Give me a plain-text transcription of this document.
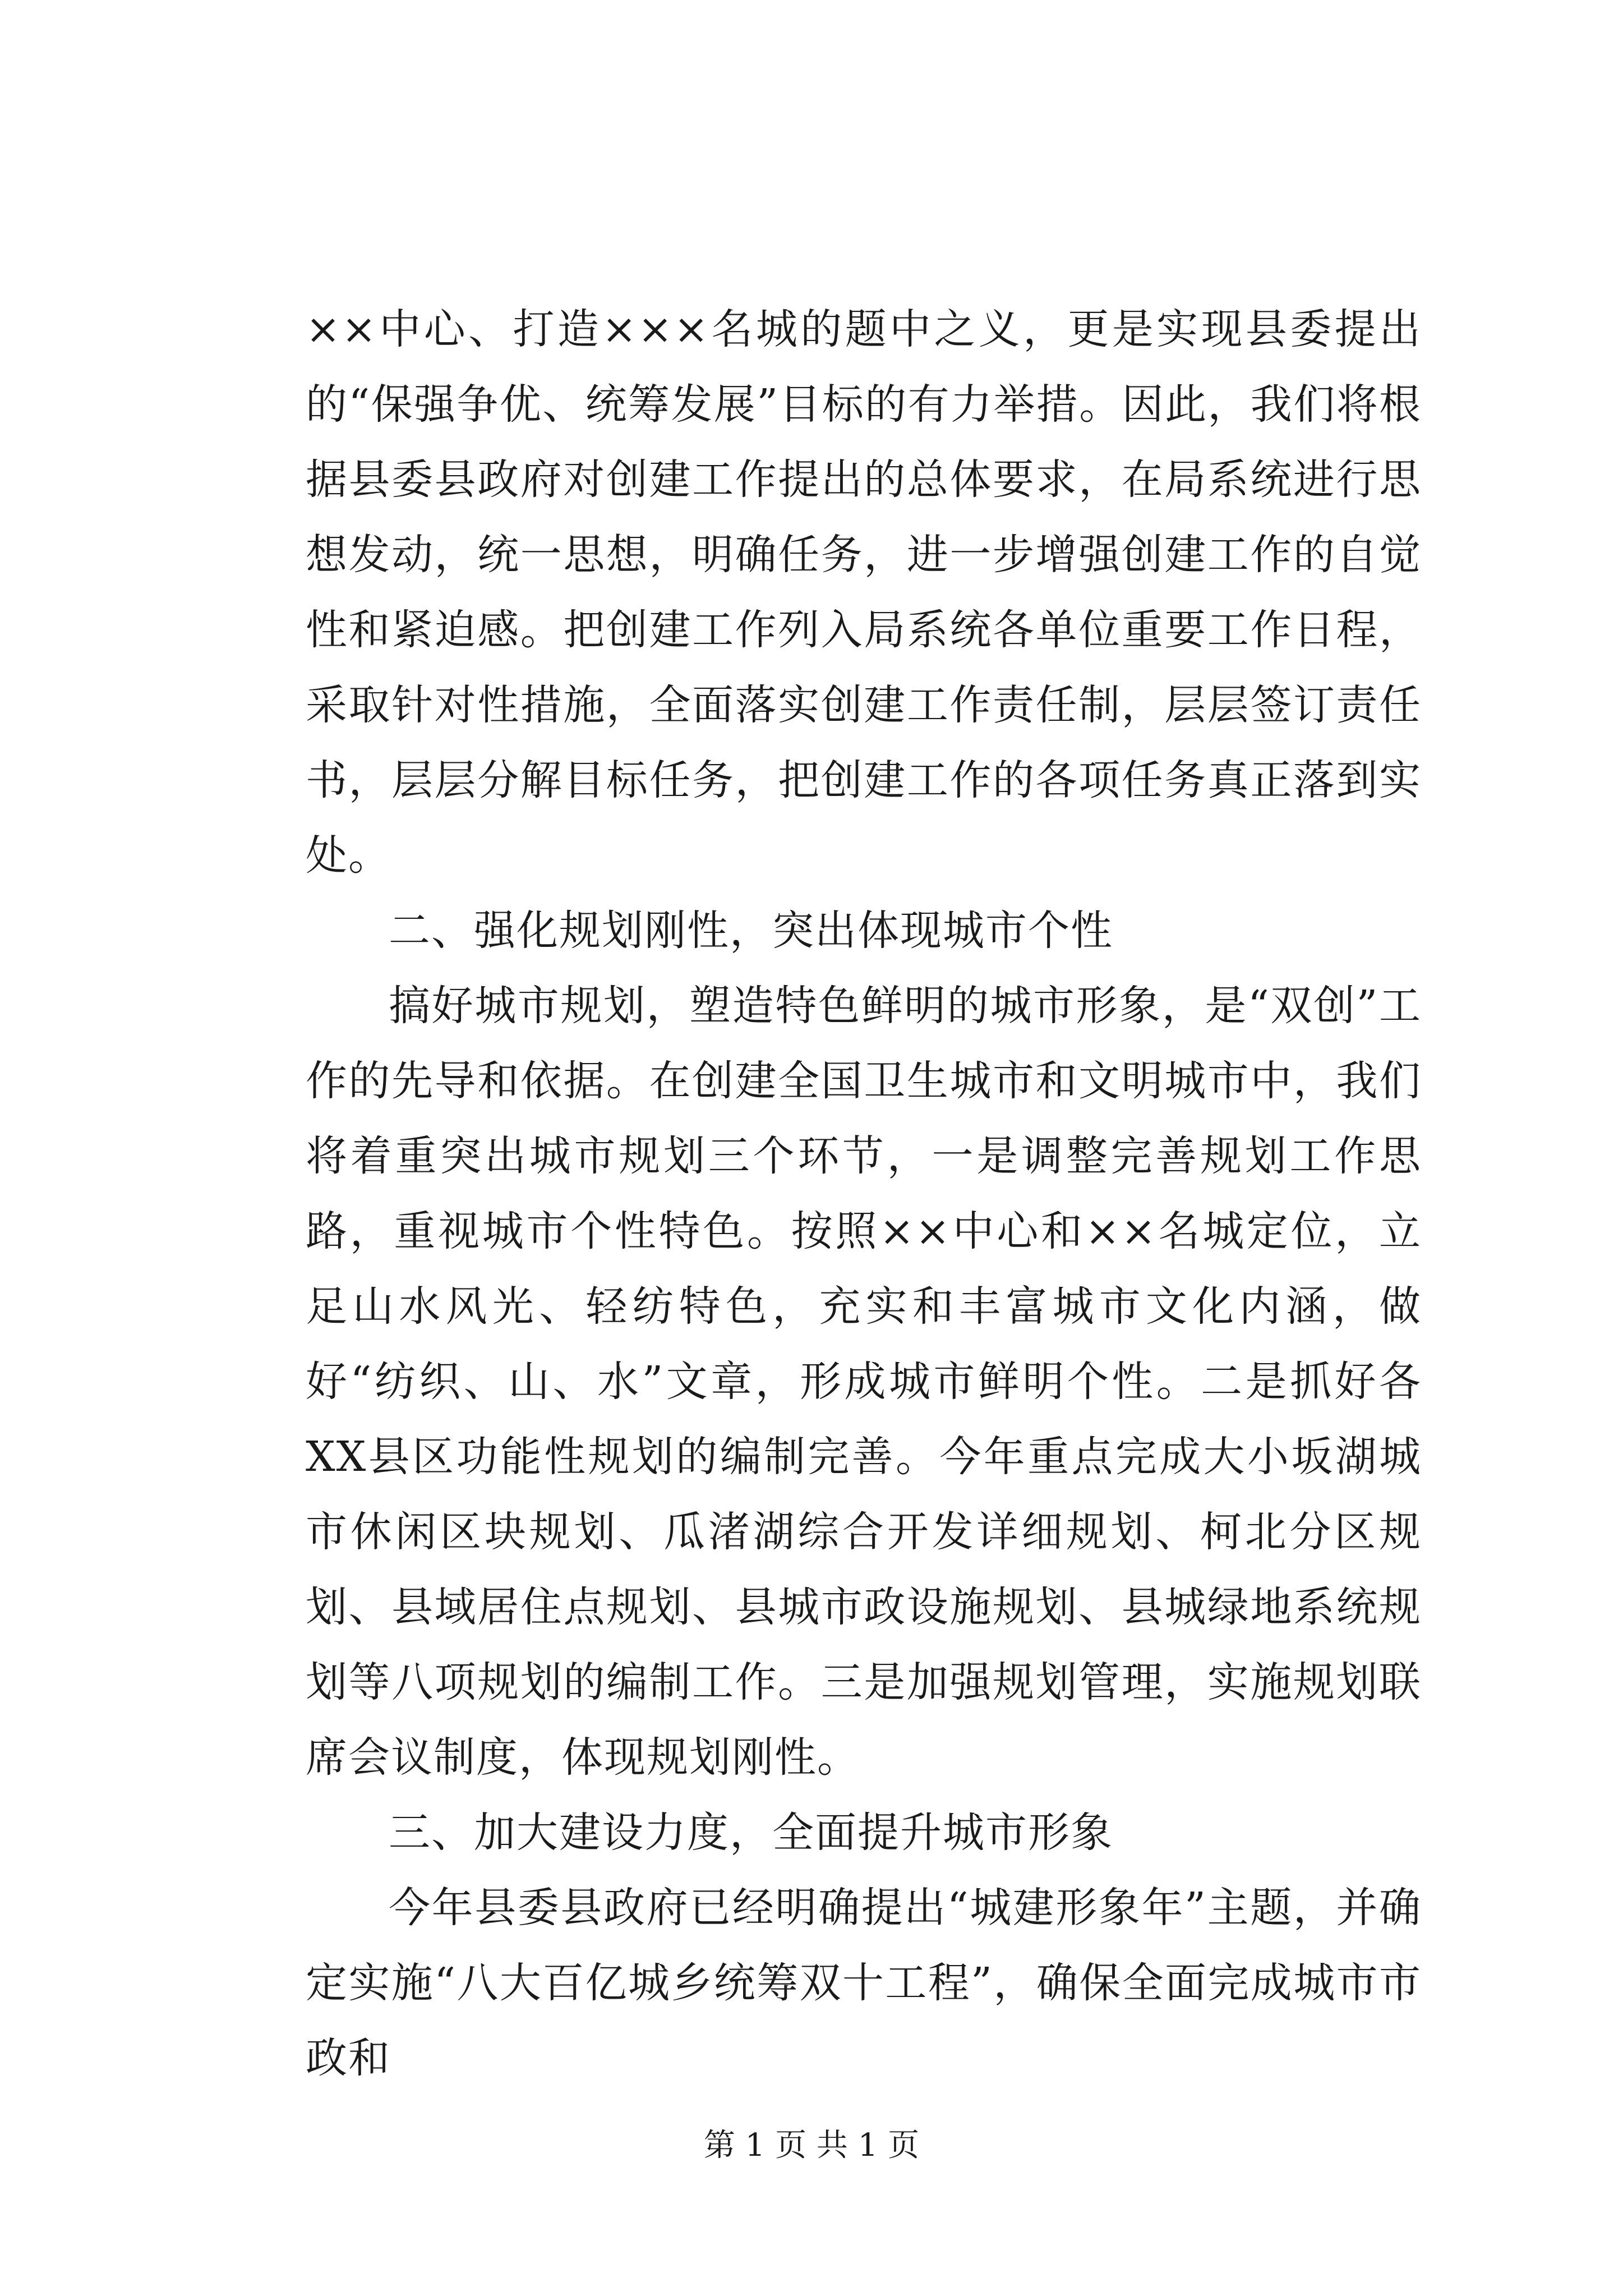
××中心、打造×××名城的题中之义，更是实现县委提出的“保强争优、统筹发展”目标的有力举措。因此，我们将根据县委县政府对创建工作提出的总体要求，在局系统进行思想发动，统一思想，明确任务，进一步增强创建工作的自觉性和紧迫感。把创建工作列入局系统各单位重要工作日程，采取针对性措施，全面落实创建工作责任制，层层签订责任书，层层分解目标任务，把创建工作的各项任务真正落到实处。

二、强化规划刚性，突出体现城市个性

搞好城市规划，塑造特色鲜明的城市形象，是“双创”工作的先导和依据。在创建全国卫生城市和文明城市中，我们将着重突出城市规划三个环节，一是调整完善规划工作思路，重视城市个性特色。按照××中心和××名城定位，立足山水风光、轻纺特色，充实和丰富城市文化内涵，做好“纺织、山、水”文章，形成城市鲜明个性。二是抓好各XX县区功能性规划的编制完善。今年重点完成大小坂湖城市休闲区块规划、瓜渚湖综合开发详细规划、柯北分区规划、县域居住点规划、县城市政设施规划、县城绿地系统规划等八项规划的编制工作。三是加强规划管理，实施规划联席会议制度，体现规划刚性。

三、加大建设力度，全面提升城市形象

今年县委县政府已经明确提出“城建形象年”主题，并确定实施“八大百亿城乡统筹双十工程”，确保全面完成城市市政和

第 1 页 共 1 页
